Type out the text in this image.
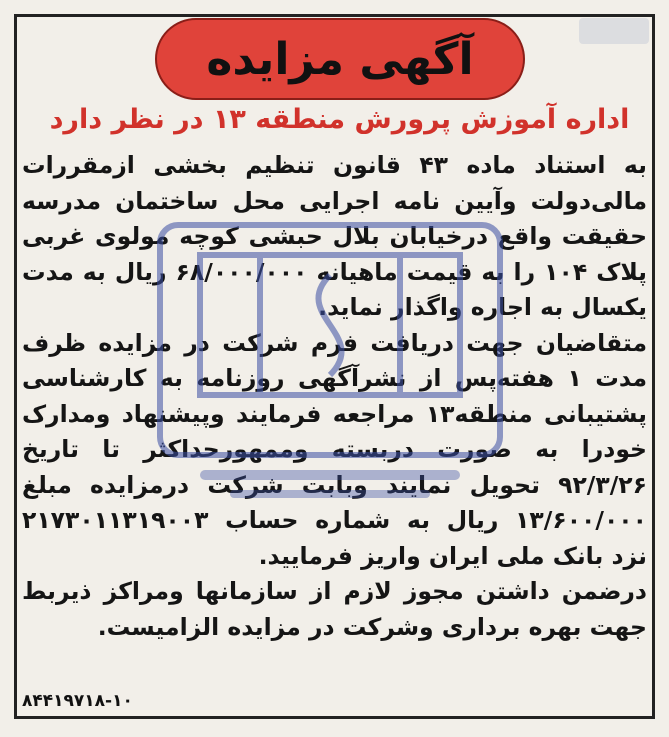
آگهی مزایده
اداره آموزش پرورش منطقه ۱۳ در نظر دارد

به استناد ماده ۴۳ قانون تنظیم بخشی ازمقررات مالی‌دولت وآیین نامه اجرایی محل ساختمان مدرسه حقیقت واقع درخیابان بلال حبشی کوچه مولوی غربی پلاک ۱۰۴ را به قیمت ماهیانه ۶۸/۰۰۰/۰۰۰ ریال به مدت یکسال به اجاره واگذار نماید.

متقاضیان جهت دریافت فرم شرکت در مزایده ظرف مدت ۱ هفته‌پس از نشرآگهی روزنامه به کارشناسی پشتیبانی منطقه۱۳ مراجعه فرمایند وپیشنهاد ومدارک خودرا به صورت دربسته وممهورحداکثر تا تاریخ ۹۲/۳/۲۶ تحویل نمایند وبابت شرکت درمزایده مبلغ ۱۳/۶۰۰/۰۰۰ ریال به شماره حساب ۲۱۷۳۰۱۱۳۱۹۰۰۳ نزد بانک ملی ایران واریز فرمایید.

درضمن داشتن مجوز لازم از سازمانها ومراکز ذیربط جهت بهره برداری وشرکت در مزایده الزامیست.

۸۴۴۱۹۷۱۸-۱۰
